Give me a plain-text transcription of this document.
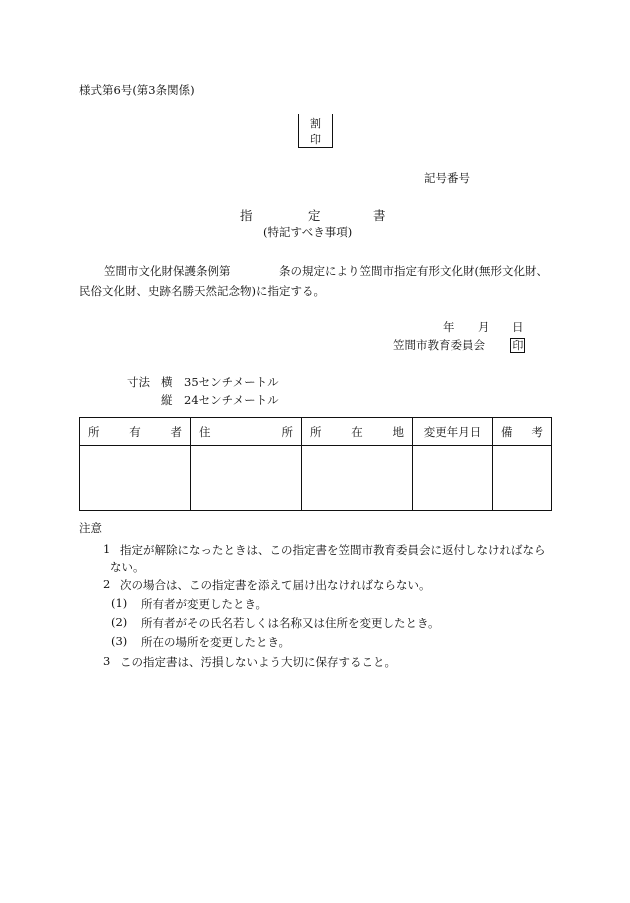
様式第6号(第3条関係)
割
印
記号番号
指	定	書
(特記すべき事項)
笠間市文化財保護条例第	条の規定により笠間市指定有形文化財(無形文化財、
民俗文化財、史跡名勝天然記念物)に指定する。
年 月 日
笠間市教育委員会 印
寸法 横 35センチメートル
縦 24センチメートル
所 有 者	住 所	所 在 地	変更年月日	備 考

注意
1 指定が解除になったときは、この指定書を笠間市教育委員会に返付しなければなら
ない。
2 次の場合は、この指定書を添えて届け出なければならない。
(1) 所有者が変更したとき。
(2) 所有者がその氏名若しくは名称又は住所を変更したとき。
(3) 所在の場所を変更したとき。
3 この指定書は、汚損しないよう大切に保存すること。
